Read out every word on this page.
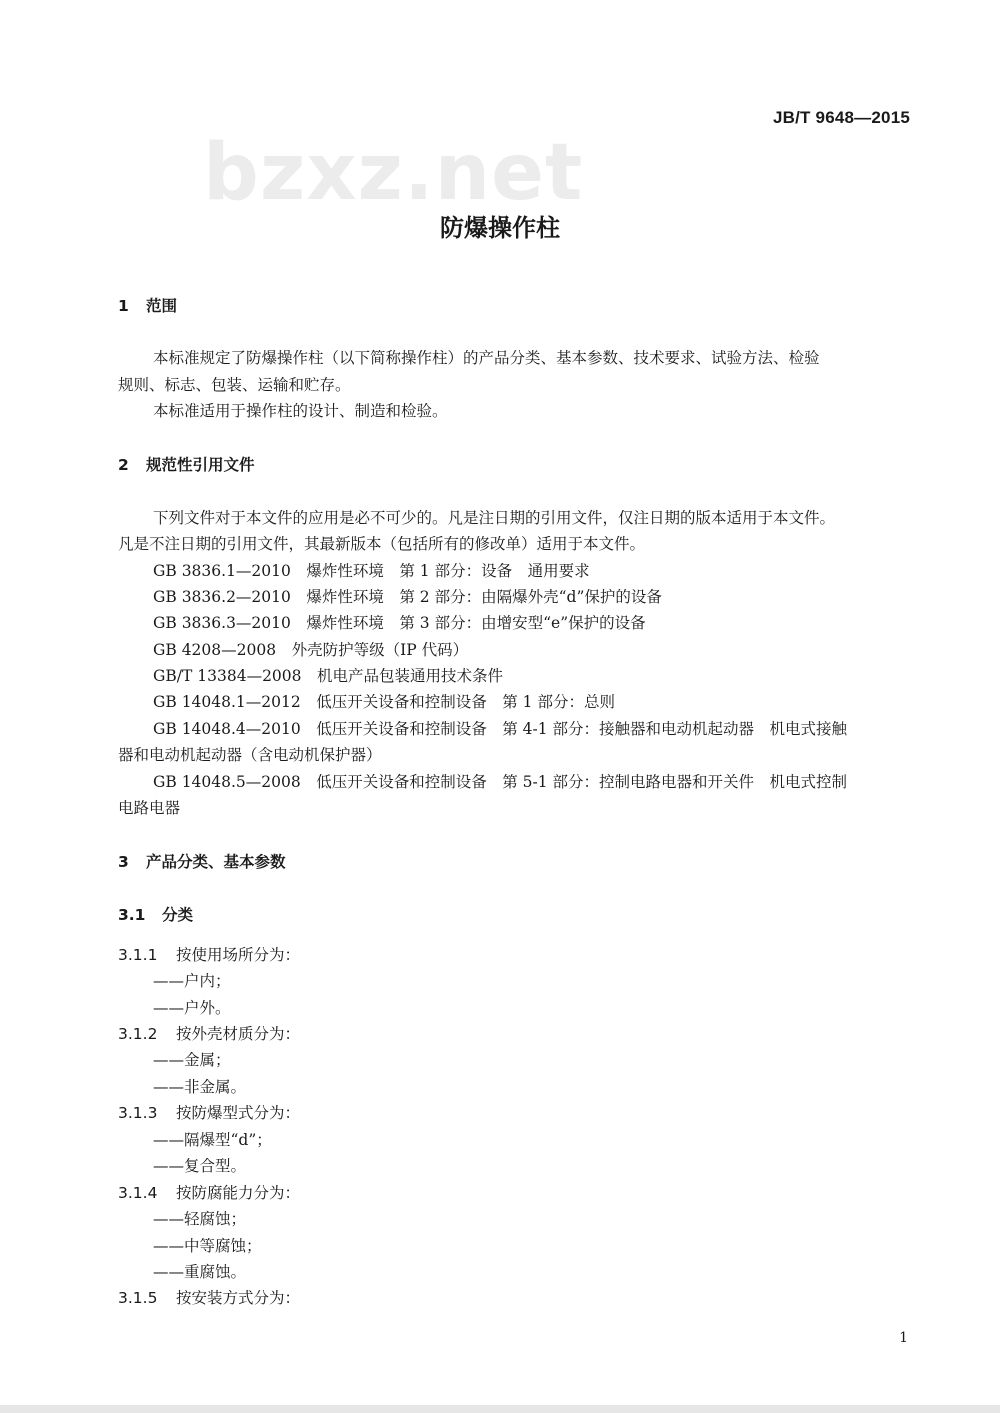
bzxz.net
JB/T 9648—2015
防爆操作柱
1 范围
本标准规定了防爆操作柱（以下简称操作柱）的产品分类、基本参数、技术要求、试验方法、检验
规则、标志、包装、运输和贮存。
本标准适用于操作柱的设计、制造和检验。
2 规范性引用文件
下列文件对于本文件的应用是必不可少的。凡是注日期的引用文件，仅注日期的版本适用于本文件。
凡是不注日期的引用文件，其最新版本（包括所有的修改单）适用于本文件。
GB 3836.1—2010　爆炸性环境　第 1 部分：设备　通用要求
GB 3836.2—2010　爆炸性环境　第 2 部分：由隔爆外壳“d”保护的设备
GB 3836.3—2010　爆炸性环境　第 3 部分：由增安型“e”保护的设备
GB 4208—2008　外壳防护等级（IP 代码）
GB/T 13384—2008　机电产品包装通用技术条件
GB 14048.1—2012　低压开关设备和控制设备　第 1 部分：总则
GB 14048.4—2010　低压开关设备和控制设备　第 4-1 部分：接触器和电动机起动器　机电式接触
器和电动机起动器（含电动机保护器）
GB 14048.5—2008　低压开关设备和控制设备　第 5-1 部分：控制电路电器和开关件　机电式控制
电路电器
3 产品分类、基本参数
3.1 分类
3.1.1 按使用场所分为：
——户内；
——户外。
3.1.2 按外壳材质分为：
——金属；
——非金属。
3.1.3 按防爆型式分为：
——隔爆型“d”；
——复合型。
3.1.4 按防腐能力分为：
——轻腐蚀；
——中等腐蚀；
——重腐蚀。
3.1.5 按安装方式分为：
1
